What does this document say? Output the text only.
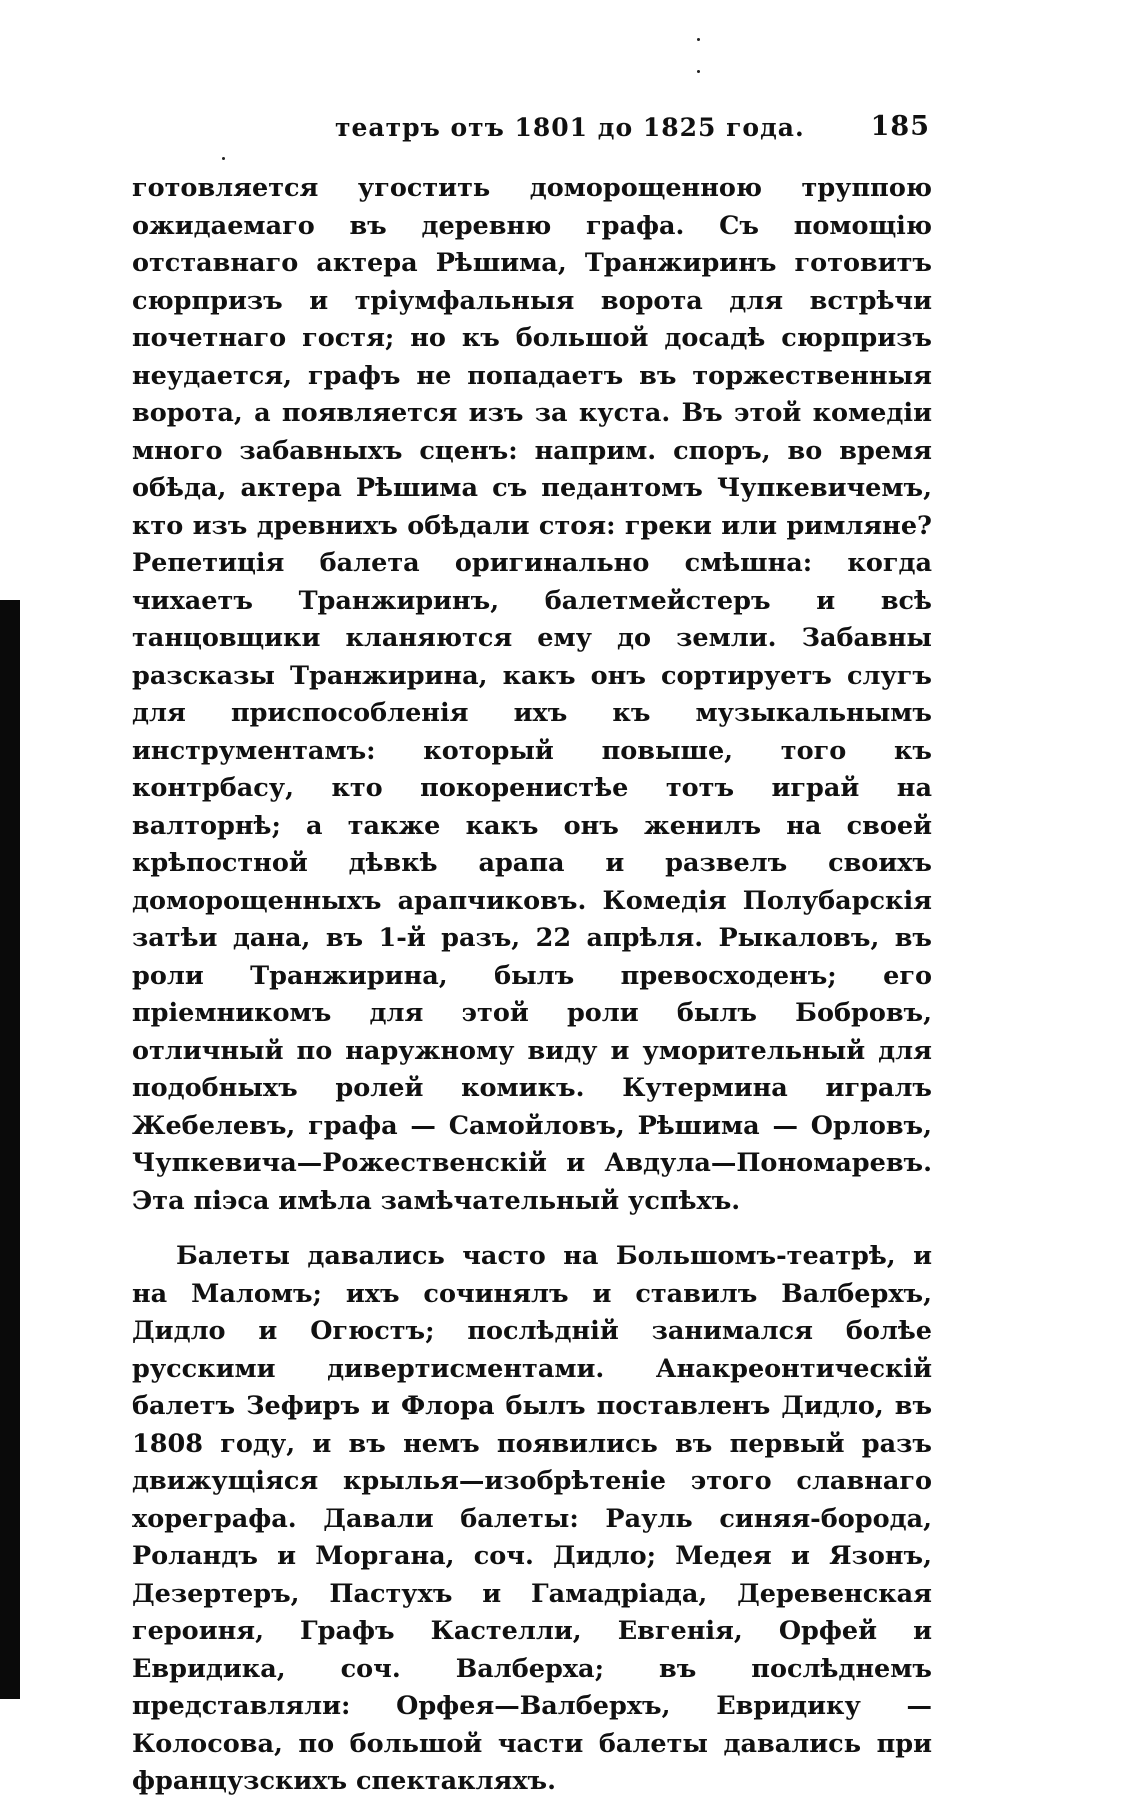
театръ отъ 1801 до 1825 года. 185

готовляется угостить доморощенною труппою ожидаемаго въ деревню графа. Съ помощію отставнаго актера Рѣшима, Транжиринъ готовитъ сюрпризъ и тріумфальныя ворота для встрѣчи почетнаго гостя; но къ большой досадѣ сюрпризъ неудается, графъ не попадаетъ въ торжественныя ворота, а появляется изъ за куста. Въ этой комедіи много забавныхъ сценъ: наприм. споръ, во время обѣда, актера Рѣшима съ педантомъ Чупкевичемъ, кто изъ древнихъ обѣдали стоя: греки или римляне? Репетиція балета оригинально смѣшна: когда чихаетъ Транжиринъ, балетмейстеръ и всѣ танцовщики кланяются ему до земли. Забавны разсказы Транжирина, какъ онъ сортируетъ слугъ для приспособленія ихъ къ музыкальнымъ инструментамъ: который повыше, того къ контрбасу, кто покоренистѣе тотъ играй на валторнѣ; а также какъ онъ женилъ на своей крѣпостной дѣвкѣ арапа и развелъ своихъ доморощенныхъ арапчиковъ. Комедія Полубарскія затѣи дана, въ 1-й разъ, 22 апрѣля. Рыкаловъ, въ роли Транжирина, былъ превосходенъ; его пріемникомъ для этой роли былъ Бобровъ, отличный по наружному виду и уморительный для подобныхъ ролей комикъ. Кутермина игралъ Жебелевъ, графа — Самойловъ, Рѣшима — Орловъ, Чупкевича—Рожественскій и Авдула—Пономаревъ. Эта піэса имѣла замѣчательный успѣхъ.

Балеты давались часто на Большомъ-театрѣ, и на Маломъ; ихъ сочинялъ и ставилъ Валберхъ, Дидло и Огюстъ; послѣдній занимался болѣе русскими дивертисментами. Анакреонтическій балетъ Зефиръ и Флора былъ поставленъ Дидло, въ 1808 году, и въ немъ появились въ первый разъ движущіяся крылья—изобрѣтеніе этого славнаго хореграфа. Давали балеты: Рауль синяя-борода, Роландъ и Моргана, соч. Дидло; Медея и Язонъ, Дезертеръ, Пастухъ и Гамадріада, Деревенская героиня, Графъ Кастелли, Евгенія, Орфей и Евридика, соч. Валберха; въ послѣднемъ представляли: Орфея—Валберхъ, Евридику — Колосова, по большой части балеты давались при французскихъ спектакляхъ.
